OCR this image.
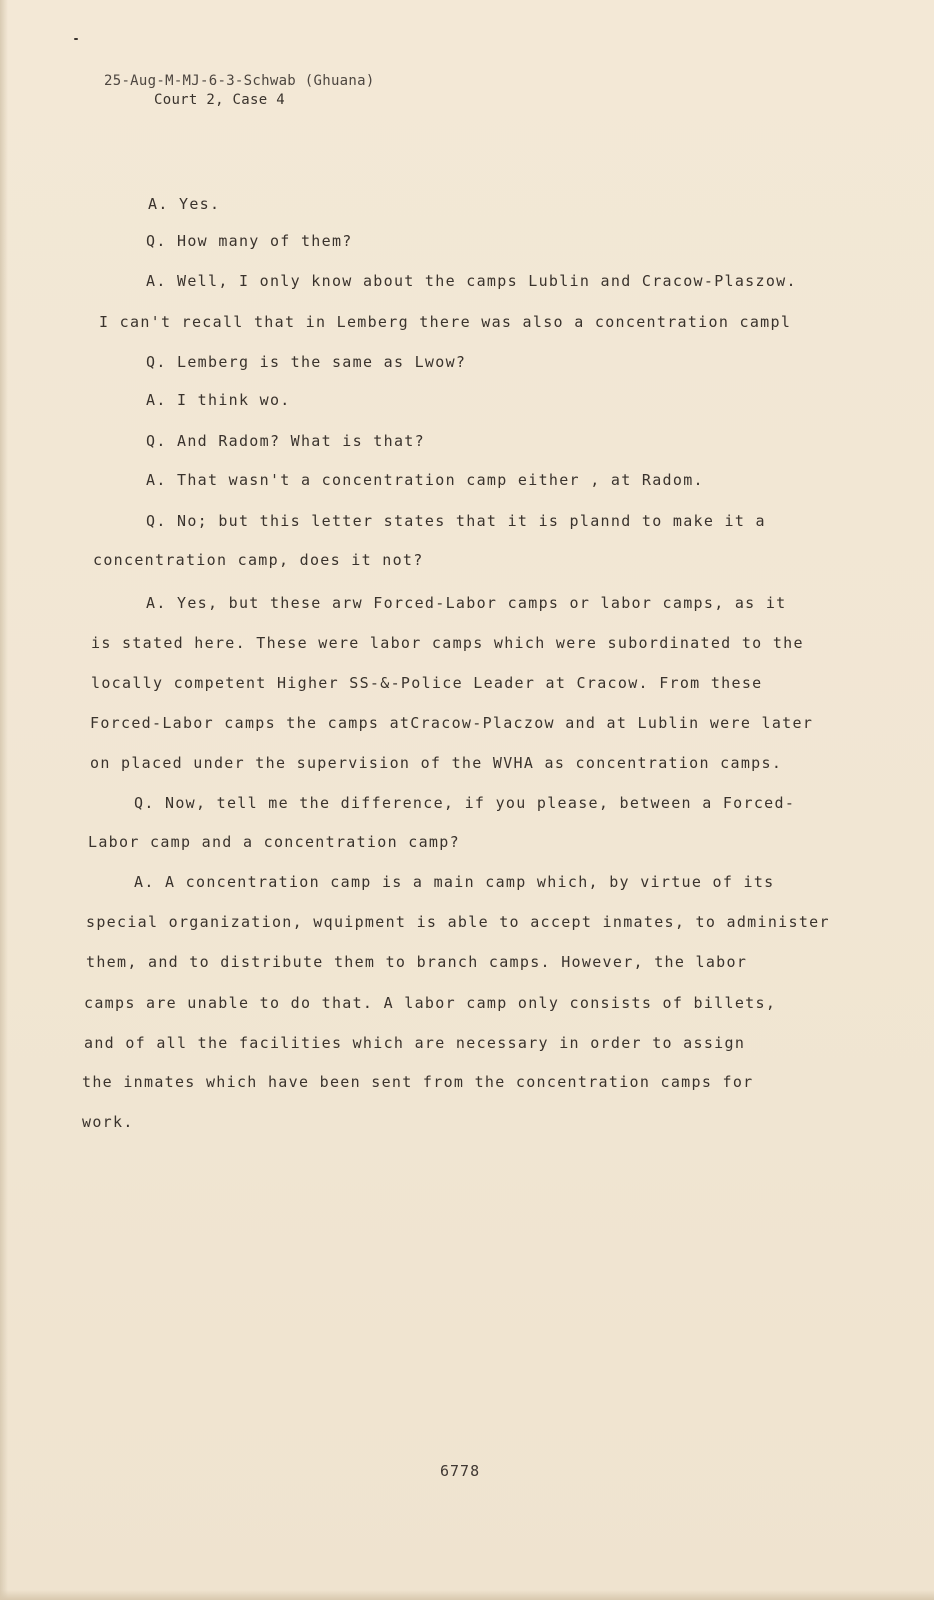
25-Aug-M-MJ-6-3-Schwab (Ghuana)
Court 2, Case 4
A. Yes.
Q. How many of them?
A. Well, I only know about the camps Lublin and Cracow-Plaszow.
I can't recall that in Lemberg there was also a concentration campl
Q. Lemberg is the same as Lwow?
A. I think wo.
Q. And Radom? What is that?
A. That wasn't a concentration camp either , at Radom.
Q. No; but this letter states that it is plannd to make it a
concentration camp, does it not?
A. Yes, but these arw Forced-Labor camps or labor camps, as it
is stated here. These were labor camps which were subordinated to the
locally competent Higher SS-&-Police Leader at Cracow. From these
Forced-Labor camps the camps atCracow-Placzow and at Lublin were later
on placed under the supervision of the WVHA as concentration camps.
Q. Now, tell me the difference, if you please, between a Forced-
Labor camp and a concentration camp?
A. A concentration camp is a main camp which, by virtue of its
special organization, wquipment is able to accept inmates, to administer
them, and to distribute them to branch camps. However, the labor
camps are unable to do that. A labor camp only consists of billets,
and of all the facilities which are necessary in order to assign
the inmates which have been sent from the concentration camps for
work.
6778
